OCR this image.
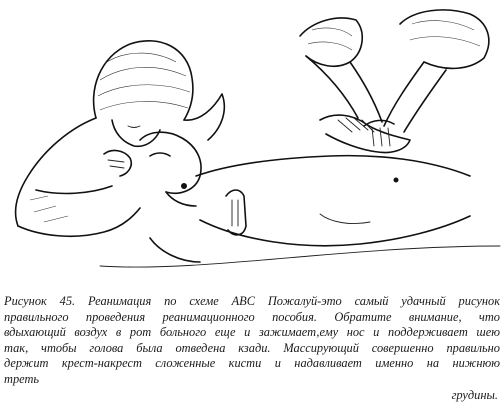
Рисунок 45. Реанимация по схеме ABC Пожалуй-это самый удачный рисунок
правильного проведения реанимационного пособия. Обратите внимание, что
вдыхающий воздух в рот больного еще и зажимает,ему нос и поддерживает шею
так, чтобы голова была отведена кзади. Массирующий совершенно правильно
держит крест-накрест сложенные кисти и надавливает именно на нижнюю
треть
грудины.
